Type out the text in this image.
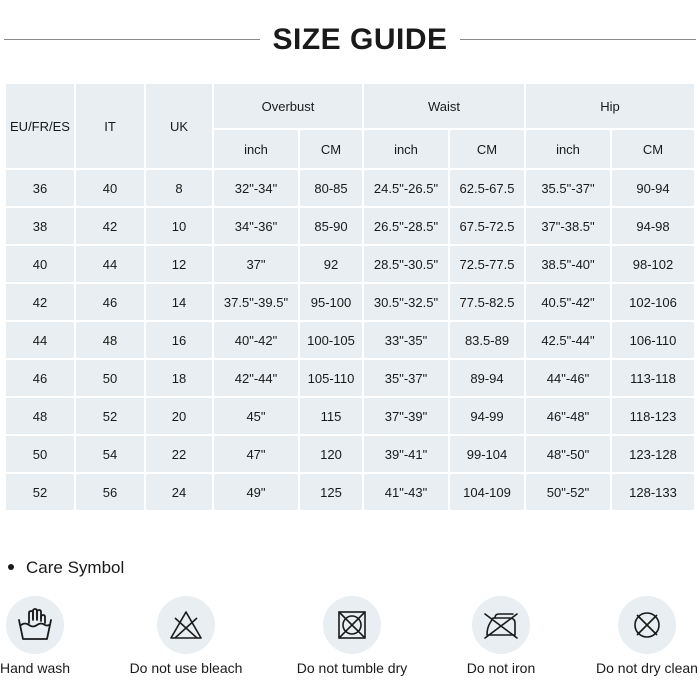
SIZE GUIDE
EU/FR/ES	IT	UK	Overbust		Waist		Hip	
			inch	CM	inch	CM	inch	CM
36	40	8	32"-34"	80-85	24.5"-26.5"	62.5-67.5	35.5"-37"	90-94
38	42	10	34"-36"	85-90	26.5"-28.5"	67.5-72.5	37"-38.5"	94-98
40	44	12	37"	92	28.5"-30.5"	72.5-77.5	38.5"-40"	98-102
42	46	14	37.5"-39.5"	95-100	30.5"-32.5"	77.5-82.5	40.5"-42"	102-106
44	48	16	40"-42"	100-105	33"-35"	83.5-89	42.5"-44"	106-110
46	50	18	42"-44"	105-110	35"-37"	89-94	44"-46"	113-118
48	52	20	45"	115	37"-39"	94-99	46"-48"	118-123
50	54	22	47"	120	39"-41"	99-104	48"-50"	123-128
52	56	24	49"	125	41"-43"	104-109	50"-52"	128-133
Care Symbol
Hand wash	Do not use bleach	Do not tumble dry	Do not iron	Do not dry clean
